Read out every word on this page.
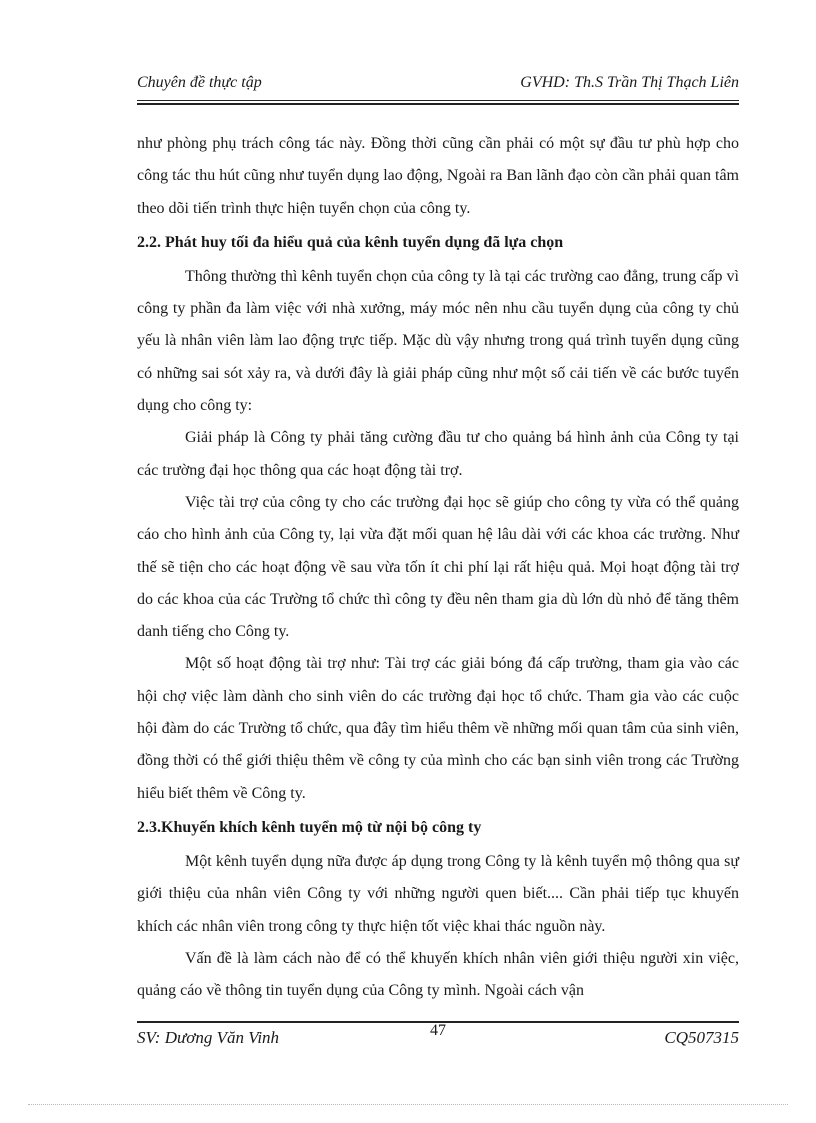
Chuyên đề thực tập	GVHD: Th.S Trần Thị Thạch Liên

như phòng phụ trách công tác này. Đồng thời cũng cần phải có một sự đầu tư phù hợp cho công tác thu hút cũng như tuyển dụng lao động, Ngoài ra Ban lãnh đạo còn cần phải quan tâm theo dõi tiến trình thực hiện tuyển chọn của công ty.

2.2. Phát huy tối đa hiểu quả của kênh tuyển dụng đã lựa chọn

Thông thường thì kênh tuyển chọn của công ty là tại các trường cao đẳng, trung cấp vì công ty phần đa làm việc với nhà xưởng, máy móc nên nhu cầu tuyển dụng của công ty chủ yếu là nhân viên làm lao động trực tiếp. Mặc dù vậy nhưng trong quá trình tuyển dụng cũng có những sai sót xảy ra, và dưới đây là giải pháp cũng như một số cải tiến về các bước tuyển dụng cho công ty:

Giải pháp là Công ty phải tăng cường đầu tư cho quảng bá hình ảnh của Công ty tại các trường đại học thông qua các hoạt động tài trợ.

Việc tài trợ của công ty cho các trường đại học sẽ giúp cho công ty vừa có thể quảng cáo cho hình ảnh của Công ty, lại vừa đặt mối quan hệ lâu dài với các khoa các trường. Như thế sẽ tiện cho các hoạt động về sau vừa tốn ít chi phí lại rất hiệu quả. Mọi hoạt động tài trợ do các khoa của các Trường tổ chức thì công ty đều nên tham gia dù lớn dù nhỏ để tăng thêm danh tiếng cho Công ty.

Một số hoạt động tài trợ như: Tài trợ các giải bóng đá cấp trường, tham gia vào các hội chợ việc làm dành cho sinh viên do các trường đại học tổ chức. Tham gia vào các cuộc hội đàm do các Trường tổ chức, qua đây tìm hiểu thêm về những mối quan tâm của sinh viên, đồng thời có thể giới thiệu thêm về công ty của mình cho các bạn sinh viên trong các Trường hiểu biết thêm về Công ty.

2.3.Khuyến khích kênh tuyển mộ từ nội bộ công ty

Một kênh tuyển dụng nữa được áp dụng trong Công ty là kênh tuyển mộ thông qua sự giới thiệu của nhân viên Công ty với những người quen biết.... Cần phải tiếp tục khuyến khích các nhân viên trong công ty thực hiện tốt việc khai thác nguồn này.

Vấn đề là làm cách nào để có thể khuyến khích nhân viên giới thiệu người xin việc, quảng cáo về thông tin tuyển dụng của Công ty mình. Ngoài cách vận

SV: Dương Văn Vinh	47	CQ507315
